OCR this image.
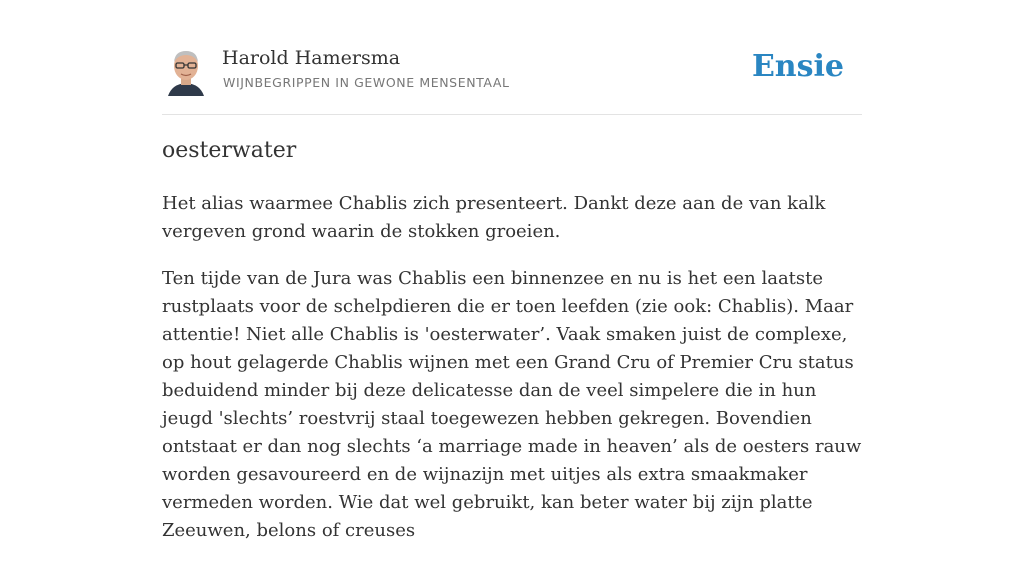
Harold Hamersma
WIJNBEGRIPPEN IN GEWONE MENSENTAAL	Ensie
oesterwater

Het alias waarmee Chablis zich presenteert. Dankt deze aan de van kalk vergeven grond waarin de stokken groeien.

Ten tijde van de Jura was Chablis een binnenzee en nu is het een laatste rustplaats voor de schelpdieren die er toen leefden (zie ook: Chablis). Maar attentie! Niet alle Chablis is 'oesterwater’. Vaak smaken juist de complexe, op hout gelagerde Chablis wijnen met een Grand Cru of Premier Cru status beduidend minder bij deze delicatesse dan de veel simpelere die in hun jeugd 'slechts’ roestvrij staal toegewezen hebben gekregen. Bovendien ontstaat er dan nog slechts ‘a marriage made in heaven’ als de oesters rauw worden gesavoureerd en de wijnazijn met uitjes als extra smaakmaker vermeden worden. Wie dat wel gebruikt, kan beter water bij zijn platte Zeeuwen, belons of creuses
